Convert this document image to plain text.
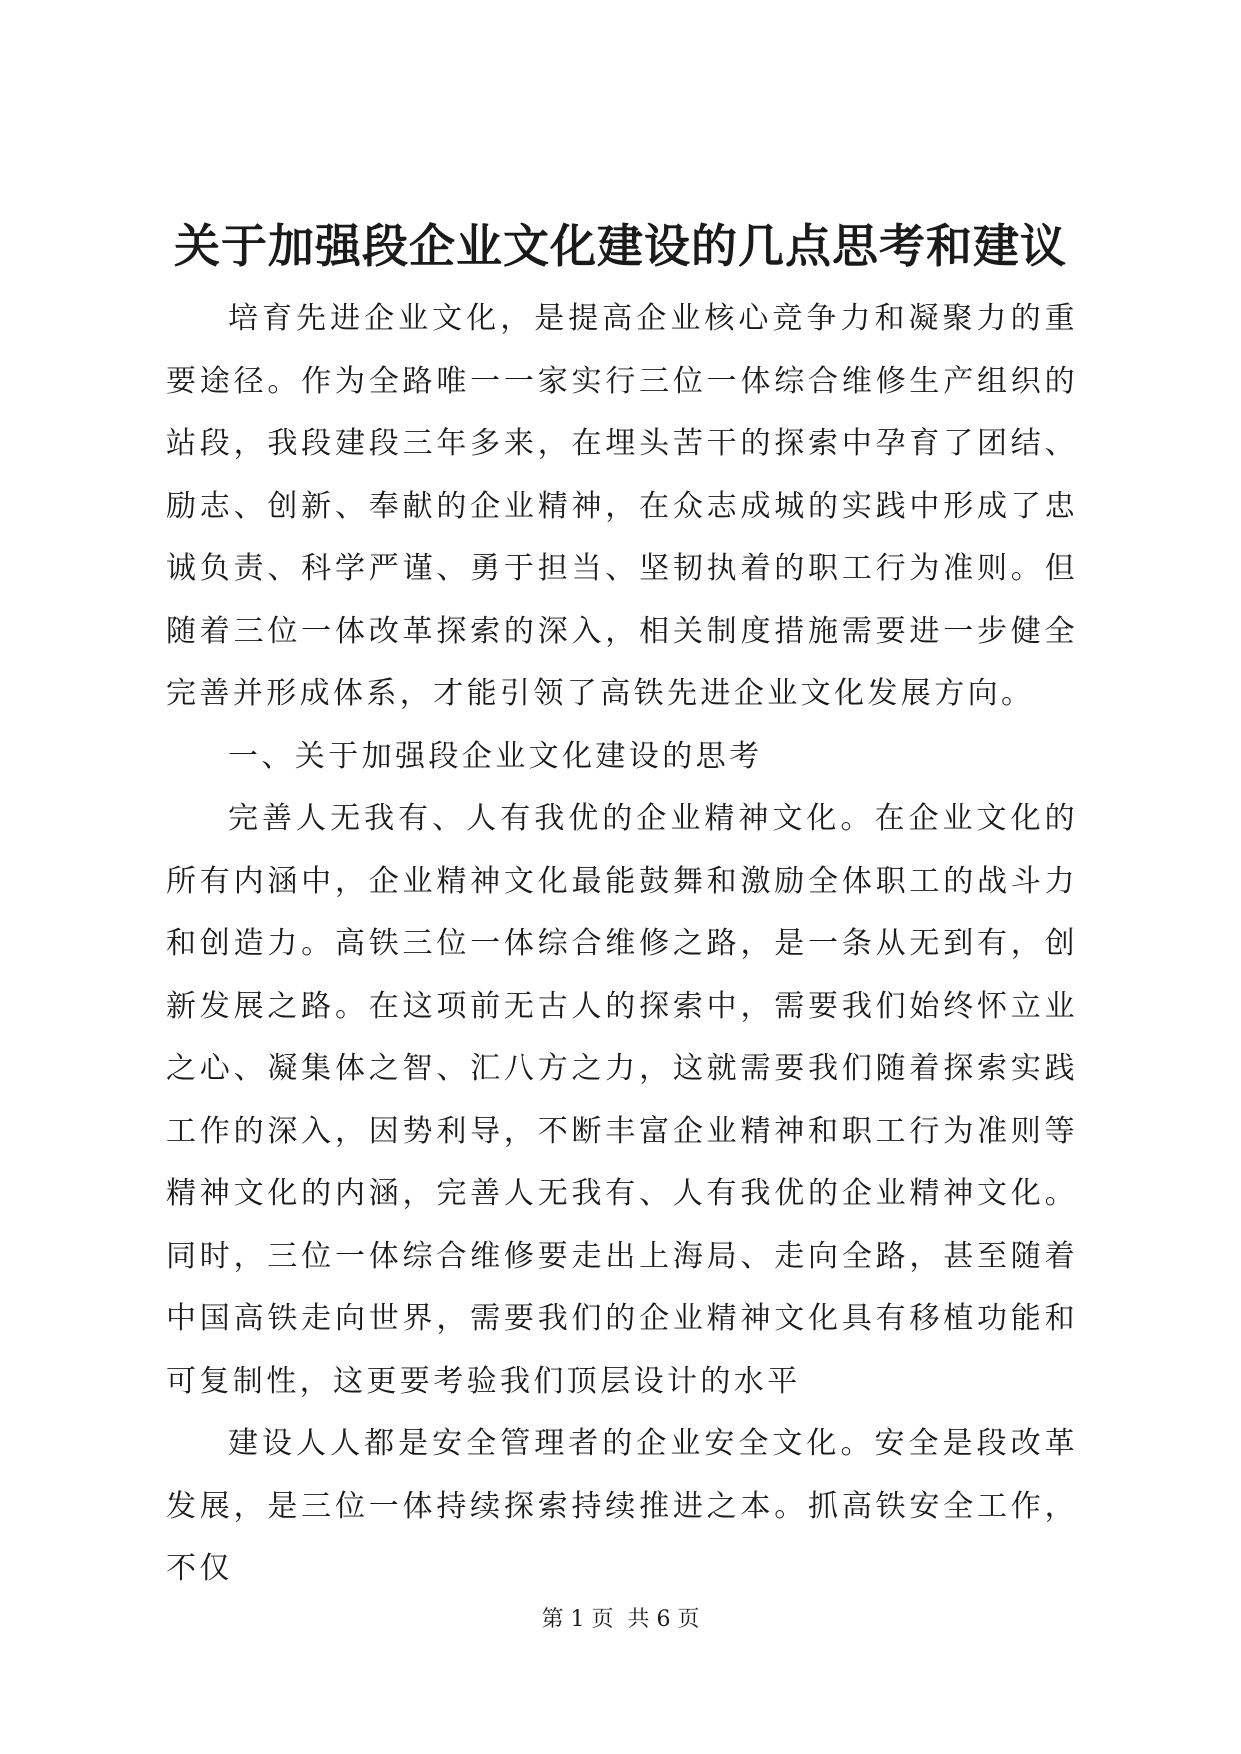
关于加强段企业文化建设的几点思考和建议

培育先进企业文化，是提高企业核心竞争力和凝聚力的重要途径。作为全路唯一一家实行三位一体综合维修生产组织的站段，我段建段三年多来，在埋头苦干的探索中孕育了团结、励志、创新、奉献的企业精神，在众志成城的实践中形成了忠诚负责、科学严谨、勇于担当、坚韧执着的职工行为准则。但随着三位一体改革探索的深入，相关制度措施需要进一步健全完善并形成体系，才能引领了高铁先进企业文化发展方向。

一、关于加强段企业文化建设的思考

完善人无我有、人有我优的企业精神文化。在企业文化的所有内涵中，企业精神文化最能鼓舞和激励全体职工的战斗力和创造力。高铁三位一体综合维修之路，是一条从无到有，创新发展之路。在这项前无古人的探索中，需要我们始终怀立业之心、凝集体之智、汇八方之力，这就需要我们随着探索实践工作的深入，因势利导，不断丰富企业精神和职工行为准则等精神文化的内涵，完善人无我有、人有我优的企业精神文化。同时，三位一体综合维修要走出上海局、走向全路，甚至随着中国高铁走向世界，需要我们的企业精神文化具有移植功能和可复制性，这更要考验我们顶层设计的水平

建设人人都是安全管理者的企业安全文化。安全是段改革发展，是三位一体持续探索持续推进之本。抓高铁安全工作，不仅

第 1 页 共 6 页
